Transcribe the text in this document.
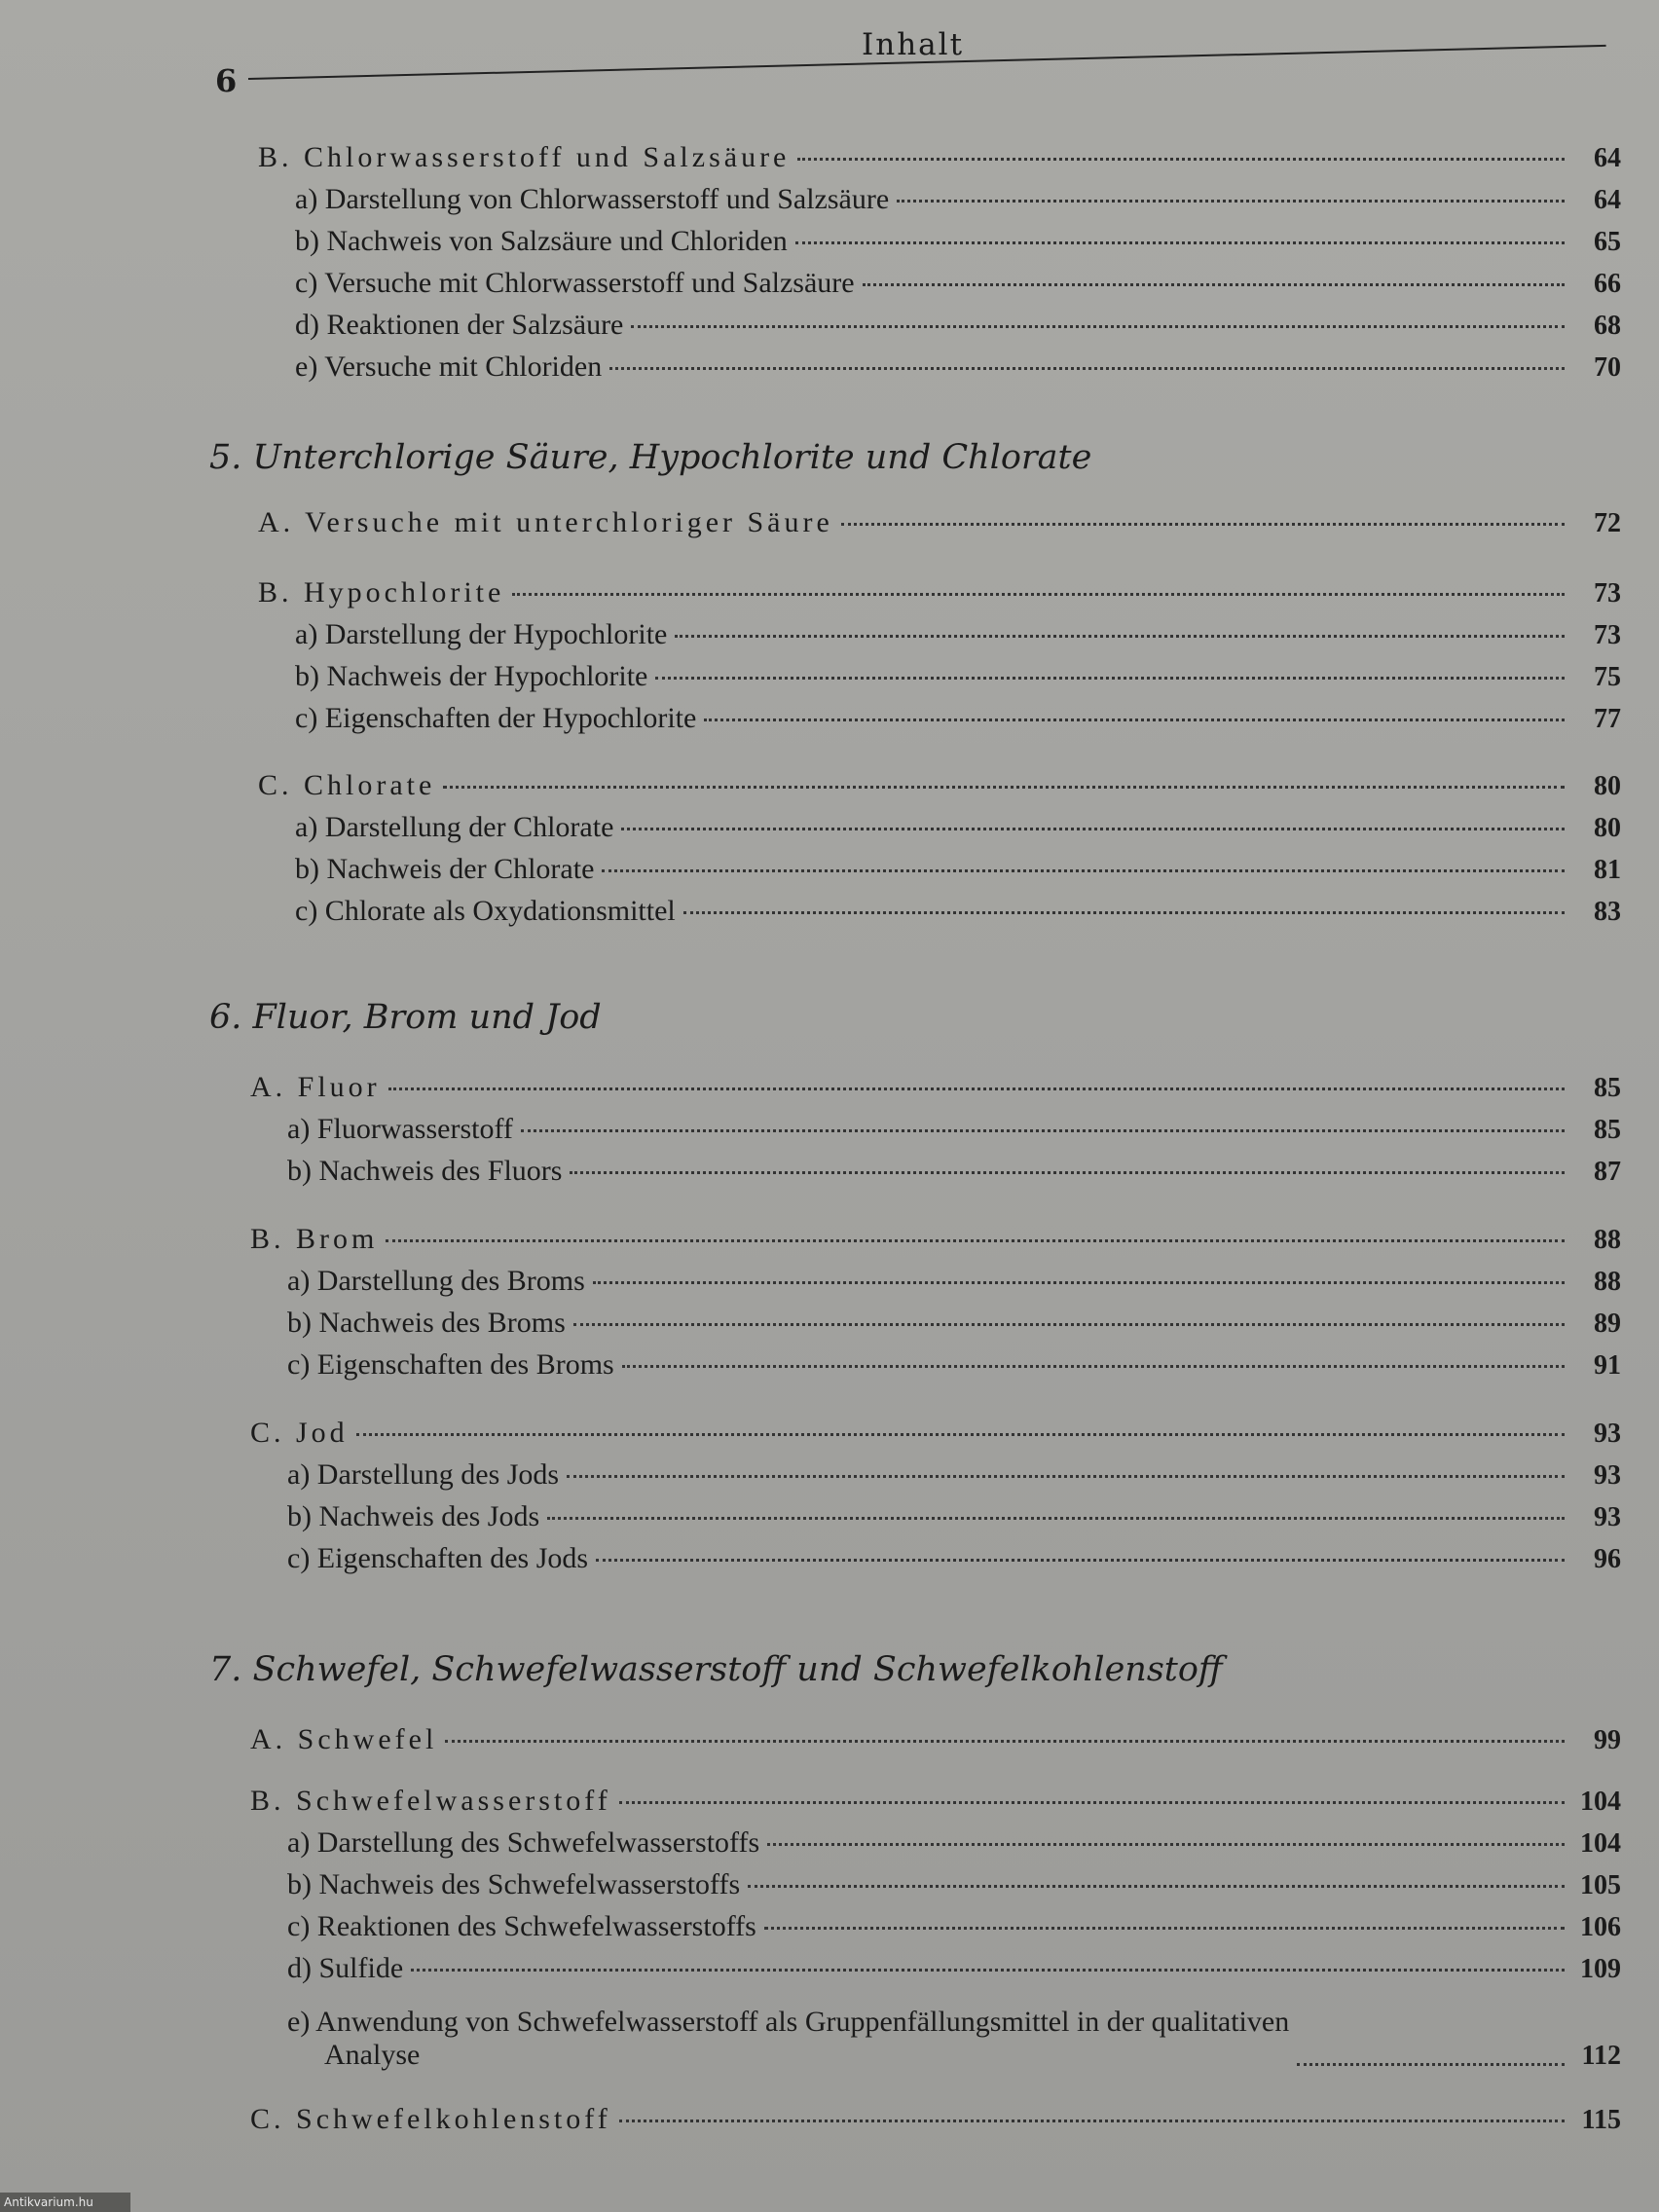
6
Inhalt
B. Chlorwasserstoff und Salzsäure	64
a) Darstellung von Chlorwasserstoff und Salzsäure	64
b) Nachweis von Salzsäure und Chloriden	65
c) Versuche mit Chlorwasserstoff und Salzsäure	66
d) Reaktionen der Salzsäure	68
e) Versuche mit Chloriden	70
5. Unterchlorige Säure, Hypochlorite und Chlorate
A. Versuche mit unterchloriger Säure	72
B. Hypochlorite	73
a) Darstellung der Hypochlorite	73
b) Nachweis der Hypochlorite	75
c) Eigenschaften der Hypochlorite	77
C. Chlorate	80
a) Darstellung der Chlorate	80
b) Nachweis der Chlorate	81
c) Chlorate als Oxydationsmittel	83
6. Fluor, Brom und Jod
A. Fluor	85
a) Fluorwasserstoff	85
b) Nachweis des Fluors	87
B. Brom	88
a) Darstellung des Broms	88
b) Nachweis des Broms	89
c) Eigenschaften des Broms	91
C. Jod	93
a) Darstellung des Jods	93
b) Nachweis des Jods	93
c) Eigenschaften des Jods	96
7. Schwefel, Schwefelwasserstoff und Schwefelkohlenstoff
A. Schwefel	99
B. Schwefelwasserstoff	104
a) Darstellung des Schwefelwasserstoffs	104
b) Nachweis des Schwefelwasserstoffs	105
c) Reaktionen des Schwefelwasserstoffs	106
d) Sulfide	109
e) Anwendung von Schwefelwasserstoff als Gruppenfällungsmittel in der qualitativen
Analyse	112
C. Schwefelkohlenstoff	115
Antikvarium.hu
